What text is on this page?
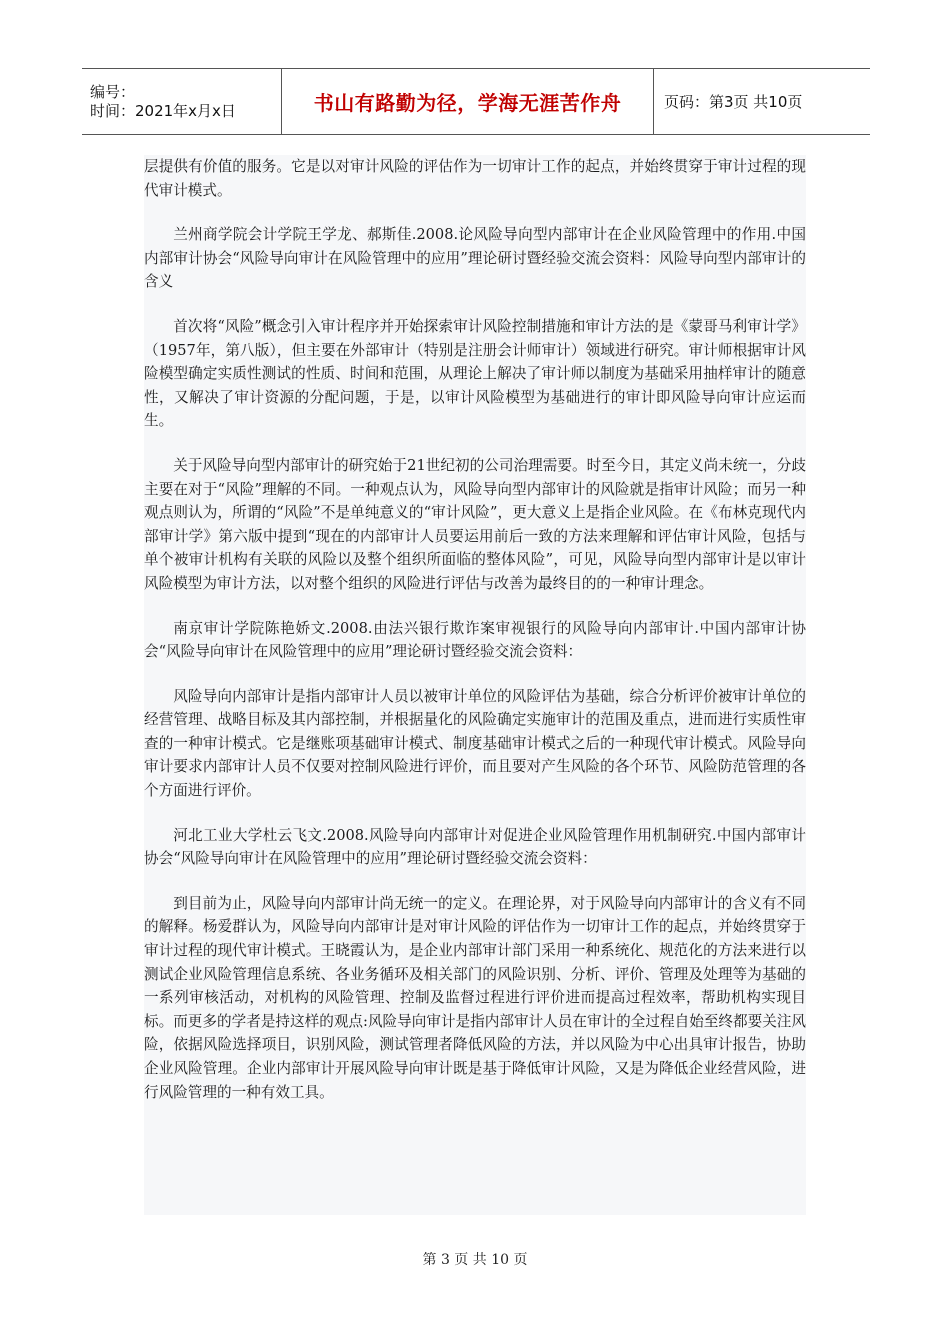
编号：
时间：2021年x月x日	书山有路勤为径，学海无涯苦作舟	页码：第3页 共10页

层提供有价值的服务。它是以对审计风险的评估作为一切审计工作的起点，并始终贯穿于审计过程的现代审计模式。

兰州商学院会计学院王学龙、郝斯佳.2008.论风险导向型内部审计在企业风险管理中的作用.中国内部审计协会“风险导向审计在风险管理中的应用”理论研讨暨经验交流会资料：风险导向型内部审计的含义

首次将“风险”概念引入审计程序并开始探索审计风险控制措施和审计方法的是《蒙哥马利审计学》（1957年，第八版），但主要在外部审计（特别是注册会计师审计）领域进行研究。审计师根据审计风险模型确定实质性测试的性质、时间和范围，从理论上解决了审计师以制度为基础采用抽样审计的随意性，又解决了审计资源的分配问题，于是，以审计风险模型为基础进行的审计即风险导向审计应运而生。

关于风险导向型内部审计的研究始于21世纪初的公司治理需要。时至今日，其定义尚未统一，分歧主要在对于“风险”理解的不同。一种观点认为，风险导向型内部审计的风险就是指审计风险；而另一种观点则认为，所谓的“风险”不是单纯意义的“审计风险”，更大意义上是指企业风险。在《布林克现代内部审计学》第六版中提到“现在的内部审计人员要运用前后一致的方法来理解和评估审计风险，包括与单个被审计机构有关联的风险以及整个组织所面临的整体风险”，可见，风险导向型内部审计是以审计风险模型为审计方法，以对整个组织的风险进行评估与改善为最终目的的一种审计理念。

南京审计学院陈艳娇文.2008.由法兴银行欺诈案审视银行的风险导向内部审计.中国内部审计协会“风险导向审计在风险管理中的应用”理论研讨暨经验交流会资料：

风险导向内部审计是指内部审计人员以被审计单位的风险评估为基础，综合分析评价被审计单位的经营管理、战略目标及其内部控制，并根据量化的风险确定实施审计的范围及重点，进而进行实质性审查的一种审计模式。它是继账项基础审计模式、制度基础审计模式之后的一种现代审计模式。风险导向审计要求内部审计人员不仅要对控制风险进行评价，而且要对产生风险的各个环节、风险防范管理的各个方面进行评价。

河北工业大学杜云飞文.2008.风险导向内部审计对促进企业风险管理作用机制研究.中国内部审计协会“风险导向审计在风险管理中的应用”理论研讨暨经验交流会资料：

到目前为止，风险导向内部审计尚无统一的定义。在理论界，对于风险导向内部审计的含义有不同的解释。杨爱群认为，风险导向内部审计是对审计风险的评估作为一切审计工作的起点，并始终贯穿于审计过程的现代审计模式。王晓霞认为，是企业内部审计部门采用一种系统化、规范化的方法来进行以测试企业风险管理信息系统、各业务循环及相关部门的风险识别、分析、评价、管理及处理等为基础的一系列审核活动，对机构的风险管理、控制及监督过程进行评价进而提高过程效率，帮助机构实现目标。而更多的学者是持这样的观点:风险导向审计是指内部审计人员在审计的全过程自始至终都要关注风险，依据风险选择项目，识别风险，测试管理者降低风险的方法，并以风险为中心出具审计报告，协助企业风险管理。企业内部审计开展风险导向审计既是基于降低审计风险，又是为降低企业经营风险，进行风险管理的一种有效工具。

第 3 页 共 10 页
